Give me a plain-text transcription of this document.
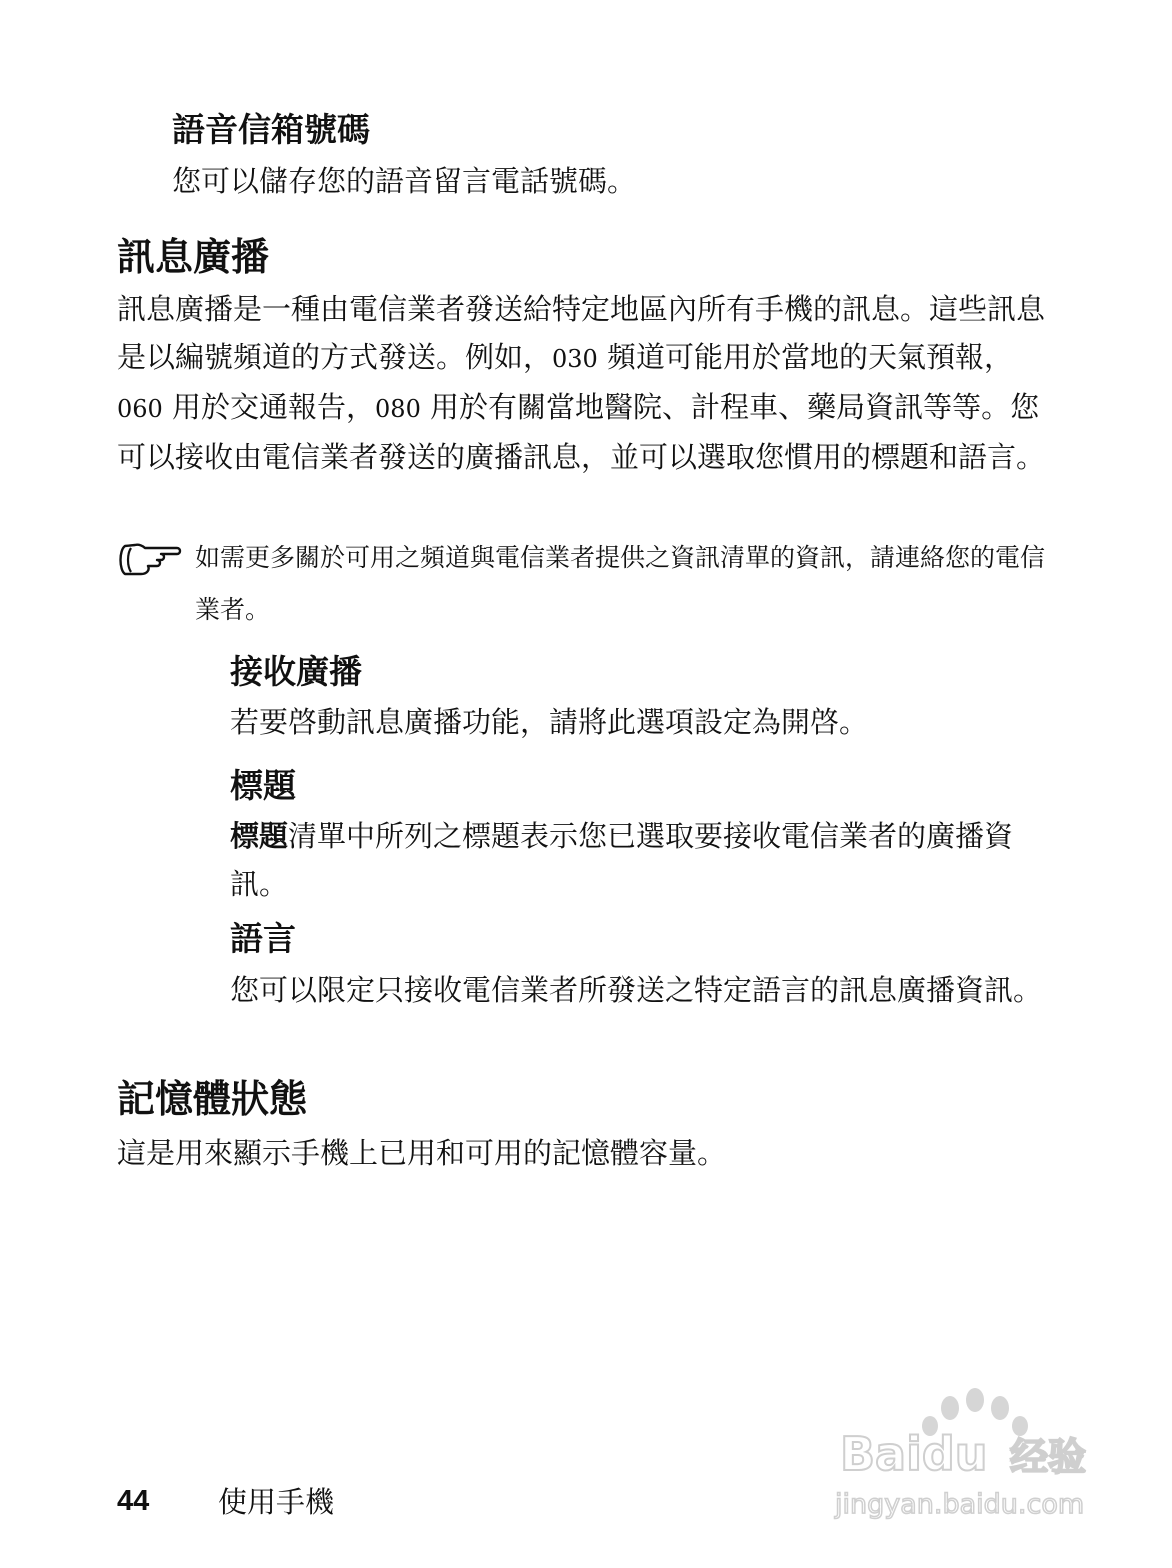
語音信箱號碼
您可以儲存您的語音留言電話號碼。
訊息廣播
訊息廣播是一種由電信業者發送給特定地區內所有手機的訊息。這些訊息是以編號頻道的方式發送。例如，030 頻道可能用於當地的天氣預報，060 用於交通報告，080 用於有關當地醫院、計程車、藥局資訊等等。您可以接收由電信業者發送的廣播訊息，並可以選取您慣用的標題和語言。
如需更多關於可用之頻道與電信業者提供之資訊清單的資訊，請連絡您的電信業者。
接收廣播
若要啓動訊息廣播功能，請將此選項設定為開啓。
標題
標題清單中所列之標題表示您已選取要接收電信業者的廣播資訊。
語言
您可以限定只接收電信業者所發送之特定語言的訊息廣播資訊。
記憶體狀態
這是用來顯示手機上已用和可用的記憶體容量。
44 使用手機
Baidu 经验
jingyan.baidu.com
